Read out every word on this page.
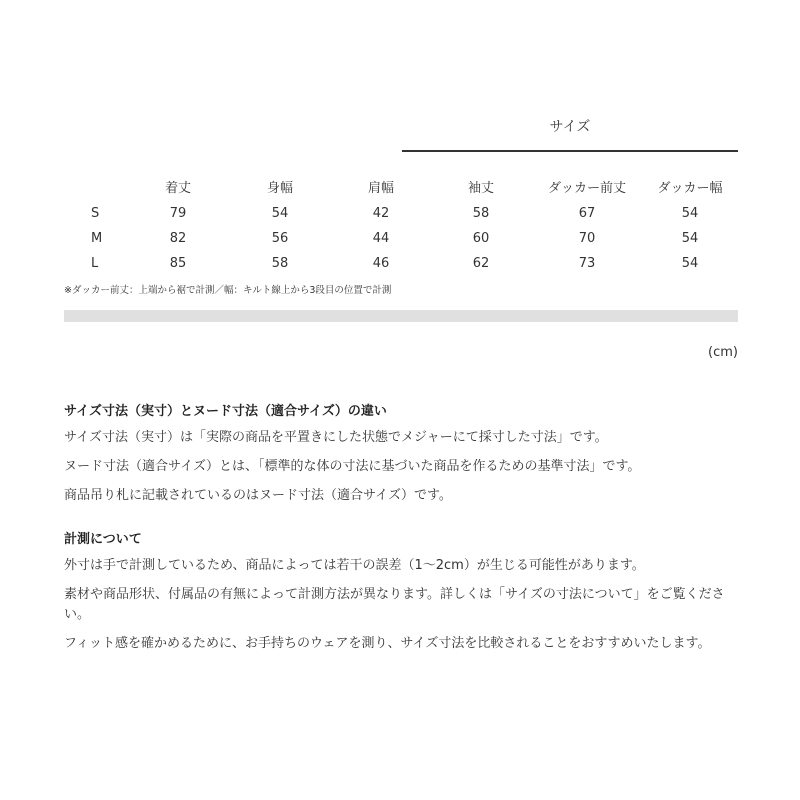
サイズ
	着丈	身幅	肩幅	袖丈	ダッカー前丈	ダッカー幅
S	79	54	42	58	67	54
M	82	56	44	60	70	54
L	85	58	46	62	73	54
※ダッカー前丈：上端から裾で計測／幅：キルト線上から3段目の位置で計測
(cm)
サイズ寸法（実寸）とヌード寸法（適合サイズ）の違い

サイズ寸法（実寸）は「実際の商品を平置きにした状態でメジャーにて採寸した寸法」です。

ヌード寸法（適合サイズ）とは、「標準的な体の寸法に基づいた商品を作るための基準寸法」です。

商品吊り札に記載されているのはヌード寸法（適合サイズ）です。

計測について

外寸は手で計測しているため、商品によっては若干の誤差（1〜2cm）が生じる可能性があります。

素材や商品形状、付属品の有無によって計測方法が異なります。詳しくは「サイズの寸法について」をご覧ください。

フィット感を確かめるために、お手持ちのウェアを測り、サイズ寸法を比較されることをおすすめいたします。
